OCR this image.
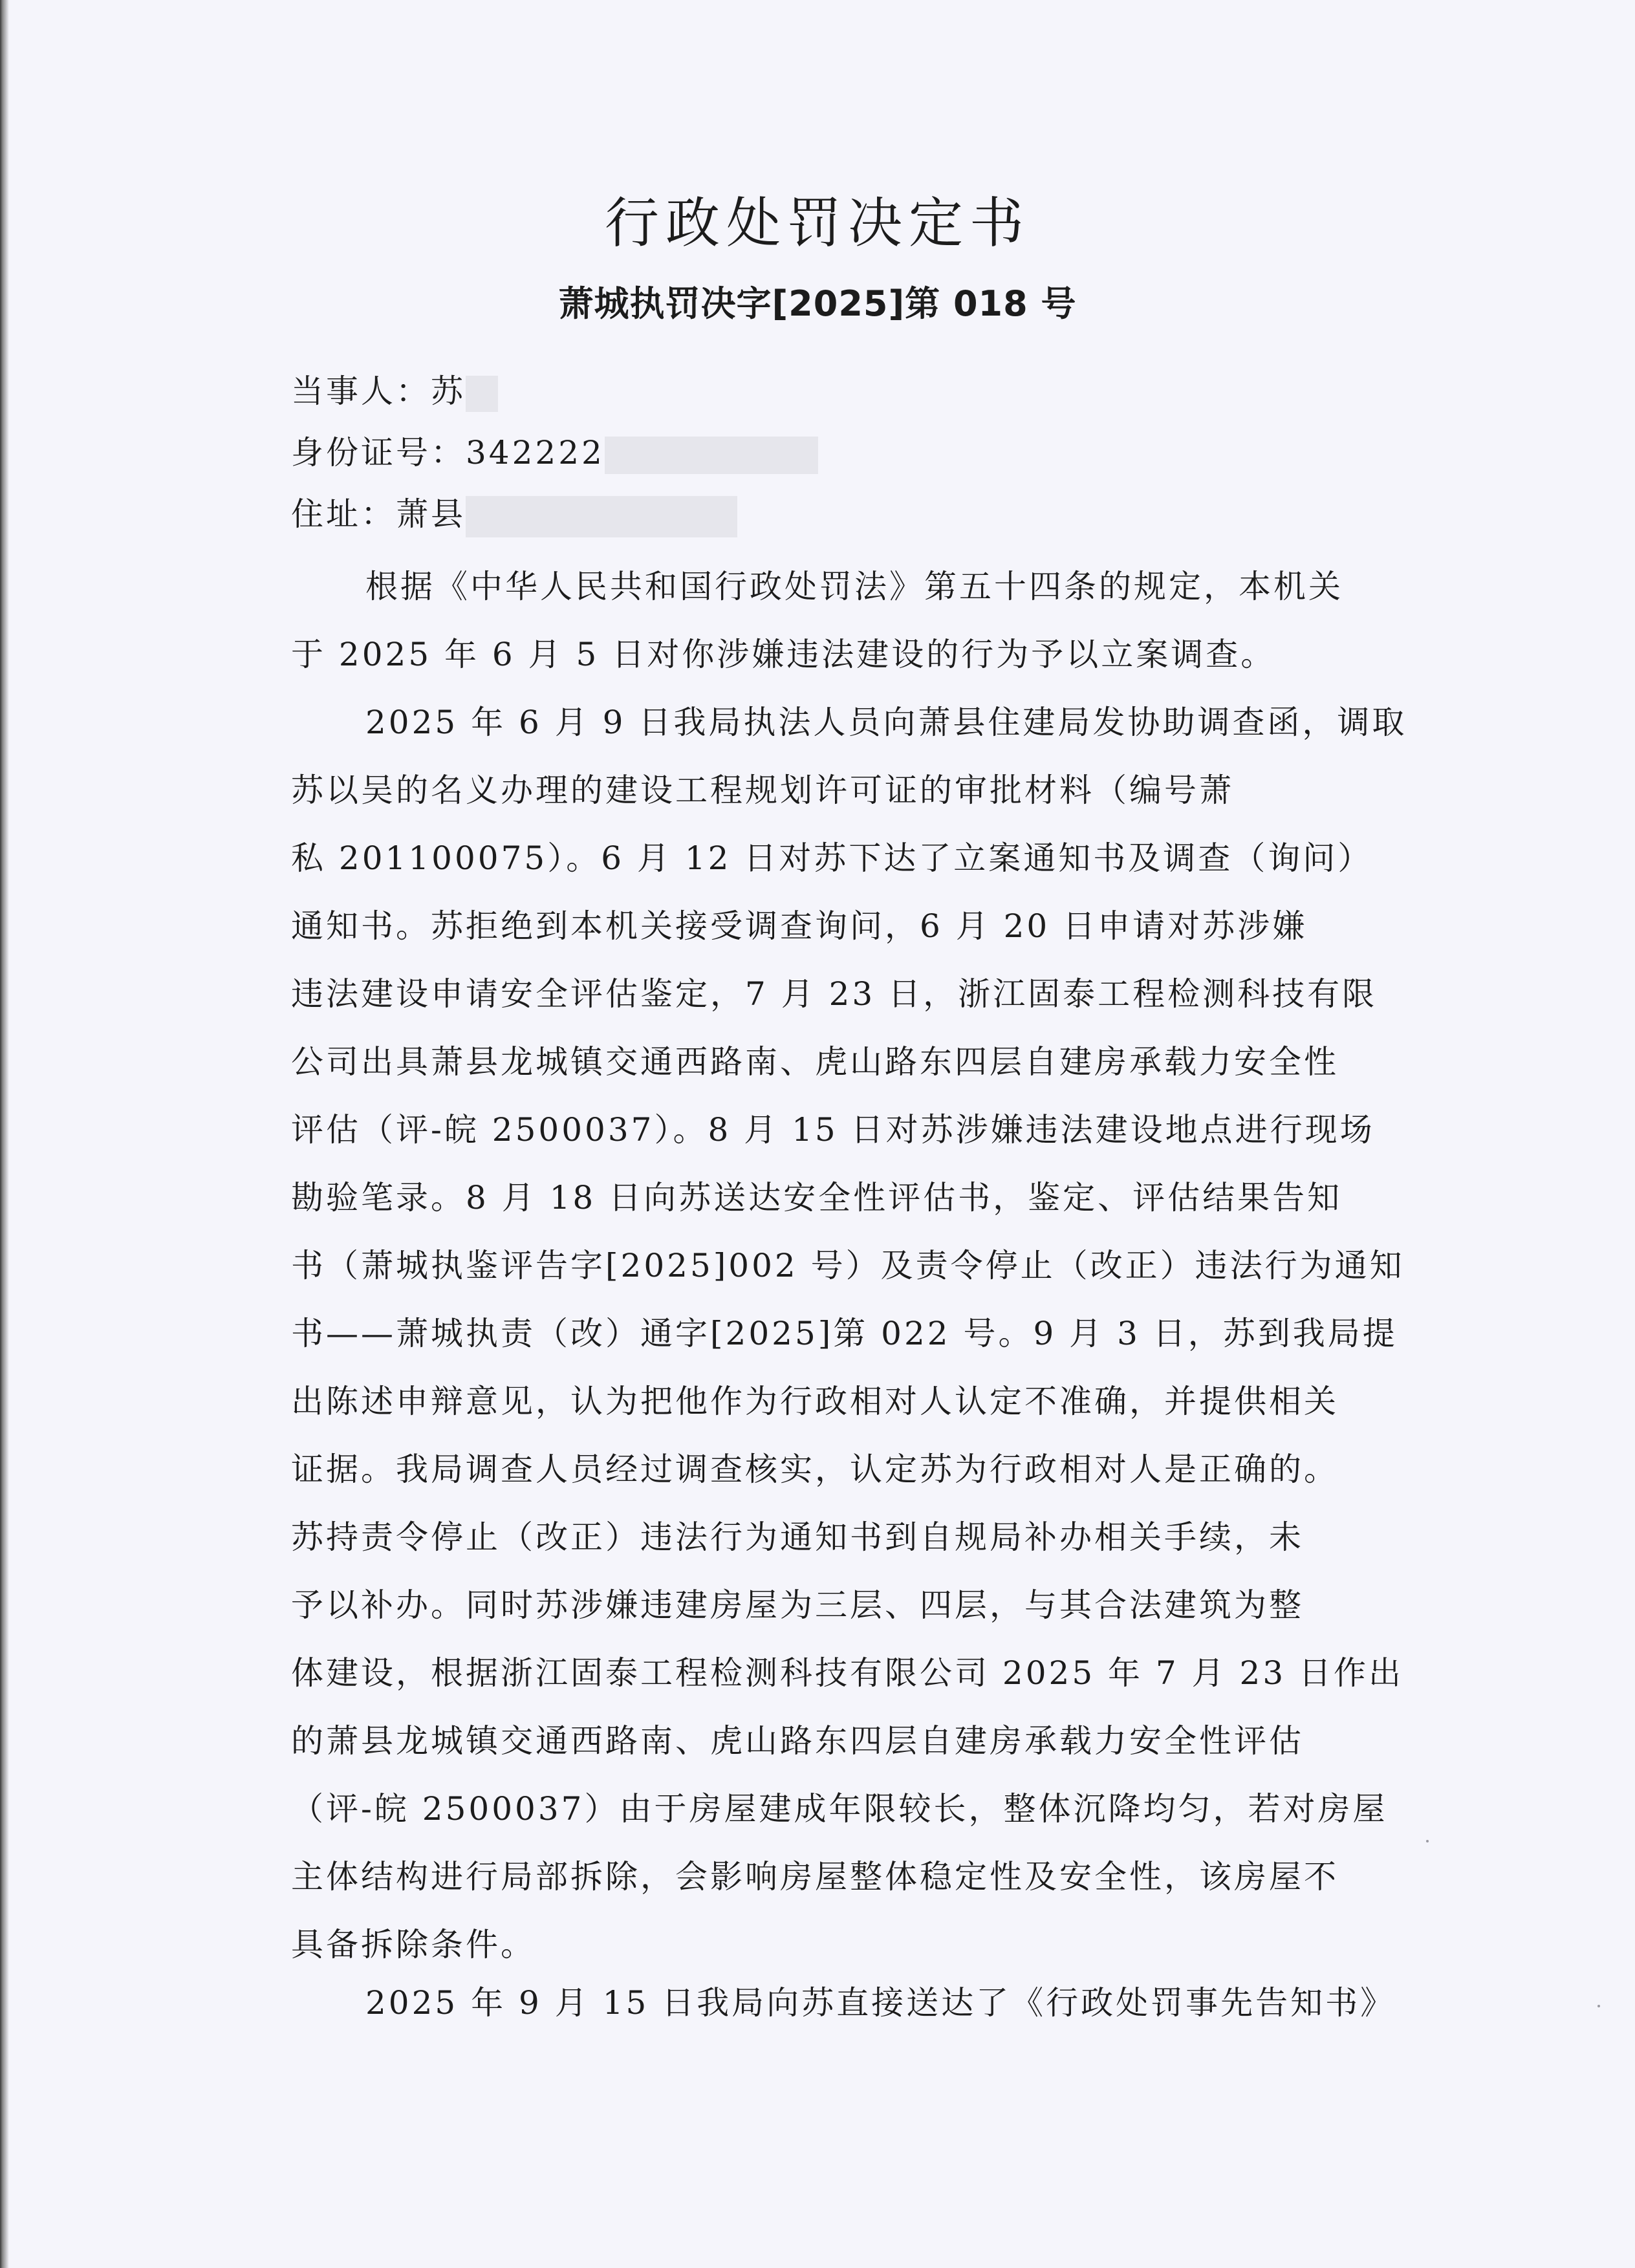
行政处罚决定书
萧城执罚决字[2025]第 018 号
当事人：苏
身份证号：342222
住址：萧县
根据《中华人民共和国行政处罚法》第五十四条的规定，本机关
于 2025 年 6 月 5 日对你涉嫌违法建设的行为予以立案调查。
2025 年 6 月 9 日我局执法人员向萧县住建局发协助调查函，调取
苏以吴的名义办理的建设工程规划许可证的审批材料（编号萧
私 201100075）。6 月 12 日对苏下达了立案通知书及调查（询问）
通知书。苏拒绝到本机关接受调查询问，6 月 20 日申请对苏涉嫌
违法建设申请安全评估鉴定，7 月 23 日，浙江固泰工程检测科技有限
公司出具萧县龙城镇交通西路南、虎山路东四层自建房承载力安全性
评估（评-皖 2500037）。8 月 15 日对苏涉嫌违法建设地点进行现场
勘验笔录。8 月 18 日向苏送达安全性评估书，鉴定、评估结果告知
书（萧城执鉴评告字[2025]002 号）及责令停止（改正）违法行为通知
书——萧城执责（改）通字[2025]第 022 号。9 月 3 日，苏到我局提
出陈述申辩意见，认为把他作为行政相对人认定不准确，并提供相关
证据。我局调查人员经过调查核实，认定苏为行政相对人是正确的。
苏持责令停止（改正）违法行为通知书到自规局补办相关手续，未
予以补办。同时苏涉嫌违建房屋为三层、四层，与其合法建筑为整
体建设，根据浙江固泰工程检测科技有限公司 2025 年 7 月 23 日作出
的萧县龙城镇交通西路南、虎山路东四层自建房承载力安全性评估
（评-皖 2500037）由于房屋建成年限较长，整体沉降均匀，若对房屋
主体结构进行局部拆除，会影响房屋整体稳定性及安全性，该房屋不
具备拆除条件。
2025 年 9 月 15 日我局向苏直接送达了《行政处罚事先告知书》
